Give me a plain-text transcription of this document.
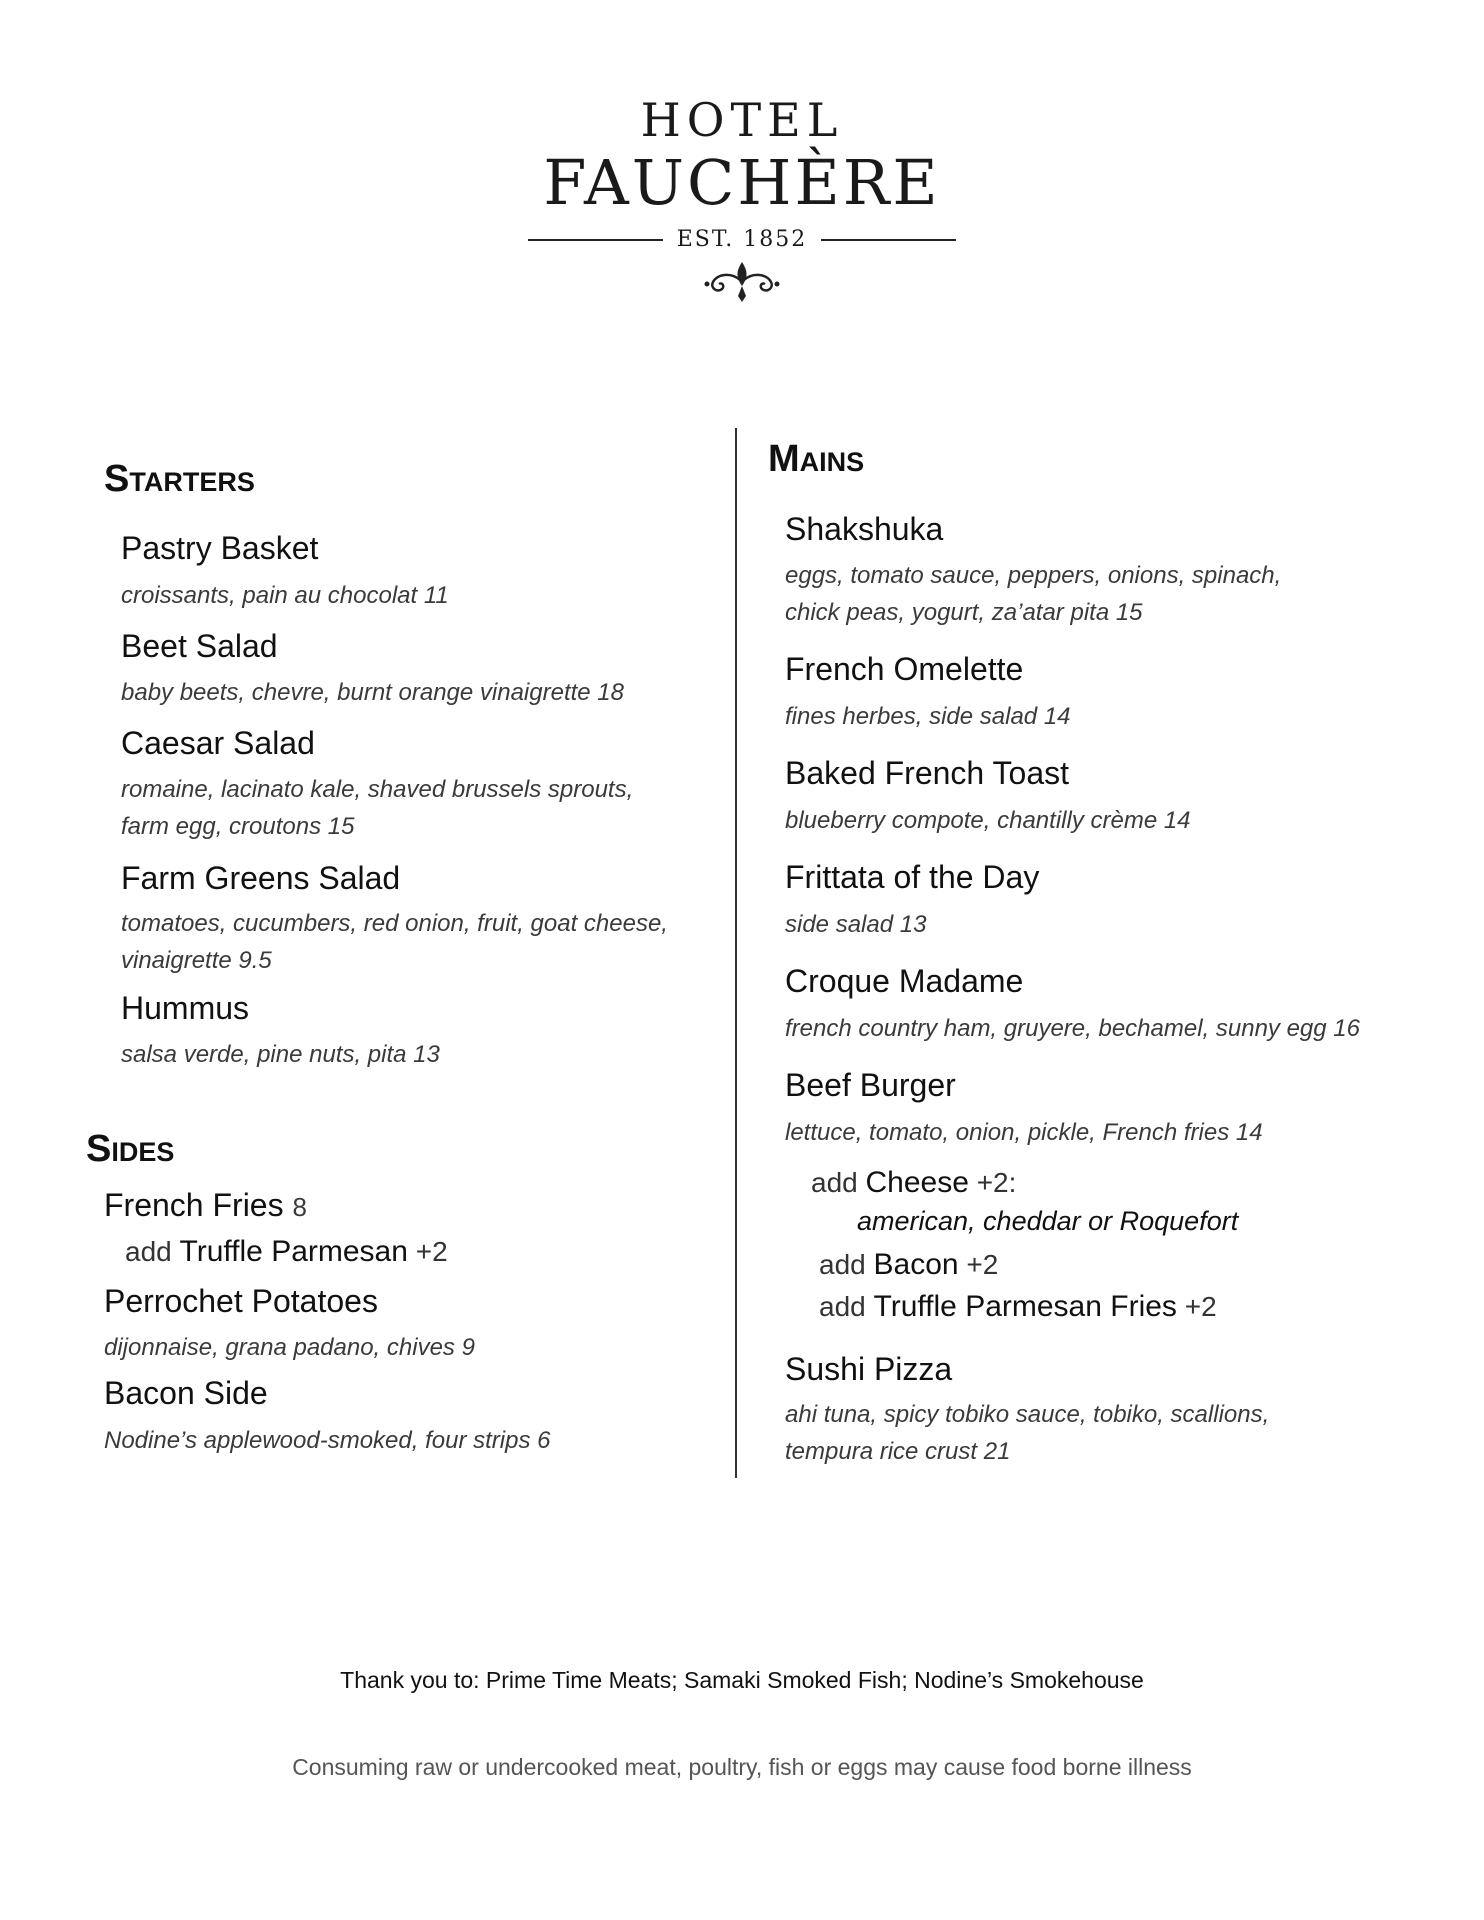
HOTEL
FAUCHÈRE
EST. 1852
Starters
Pastry Basket
croissants, pain au chocolat 11
Beet Salad
baby beets, chevre, burnt orange vinaigrette 18
Caesar Salad
romaine, lacinato kale, shaved brussels sprouts,
farm egg, croutons 15
Farm Greens Salad
tomatoes, cucumbers, red onion, fruit, goat cheese,
vinaigrette 9.5
Hummus
salsa verde, pine nuts, pita 13
Sides
French Fries 8
add Truffle Parmesan +2
Perrochet Potatoes
dijonnaise, grana padano, chives 9
Bacon Side
Nodine’s applewood-smoked, four strips 6
Mains
Shakshuka
eggs, tomato sauce, peppers, onions, spinach,
chick peas, yogurt, za’atar pita 15
French Omelette
fines herbes, side salad 14
Baked French Toast
blueberry compote, chantilly crème 14
Frittata of the Day
side salad 13
Croque Madame
french country ham, gruyere, bechamel, sunny egg 16
Beef Burger
lettuce, tomato, onion, pickle, French fries 14
add Cheese +2:
american, cheddar or Roquefort
add Bacon +2
add Truffle Parmesan Fries +2
Sushi Pizza
ahi tuna, spicy tobiko sauce, tobiko, scallions,
tempura rice crust 21
Thank you to: Prime Time Meats; Samaki Smoked Fish; Nodine’s Smokehouse
Consuming raw or undercooked meat, poultry, fish or eggs may cause food borne illness
